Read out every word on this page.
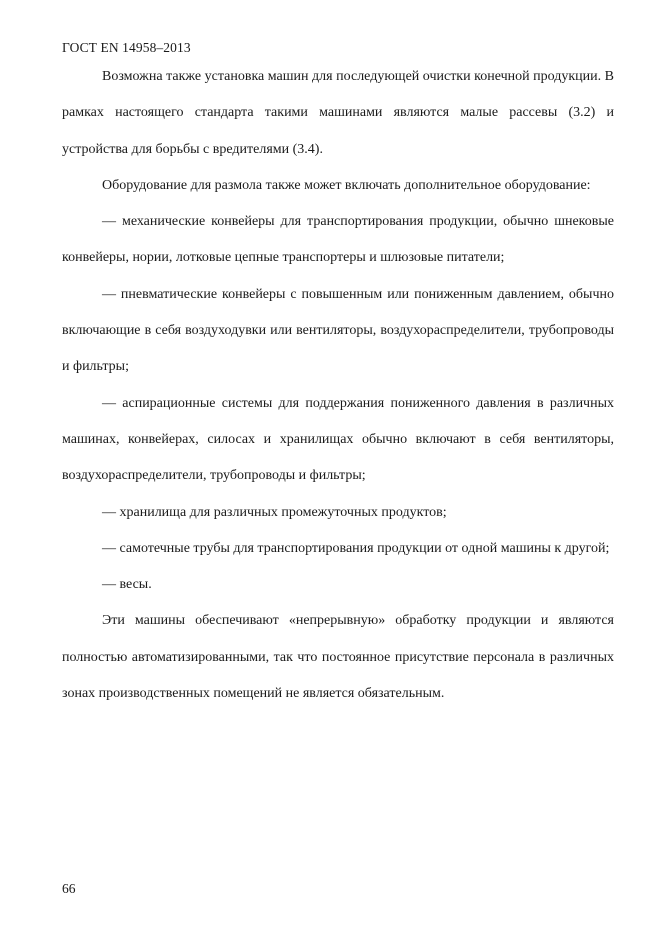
ГОСТ EN 14958–2013

Возможна также установка машин для последующей очистки конечной продукции. В рамках настоящего стандарта такими машинами являются малые рассевы (3.2) и устройства для борьбы с вредителями (3.4).

Оборудование для размола также может включать дополнительное оборудование:

— механические конвейеры для транспортирования продукции, обычно шнековые конвейеры, нории, лотковые цепные транспортеры и шлюзовые питатели;

— пневматические конвейеры с повышенным или пониженным давлением, обычно включающие в себя воздуходувки или вентиляторы, воздухораспределители, трубопроводы и фильтры;

— аспирационные системы для поддержания пониженного давления в различных машинах, конвейерах, силосах и хранилищах обычно включают в себя вентиляторы, воздухораспределители, трубопроводы и фильтры;

— хранилища для различных промежуточных продуктов;

— самотечные трубы для транспортирования продукции от одной машины к другой;

— весы.

Эти машины обеспечивают «непрерывную» обработку продукции и являются полностью автоматизированными, так что постоянное присутствие персонала в различных зонах производственных помещений не является обязательным.

66
